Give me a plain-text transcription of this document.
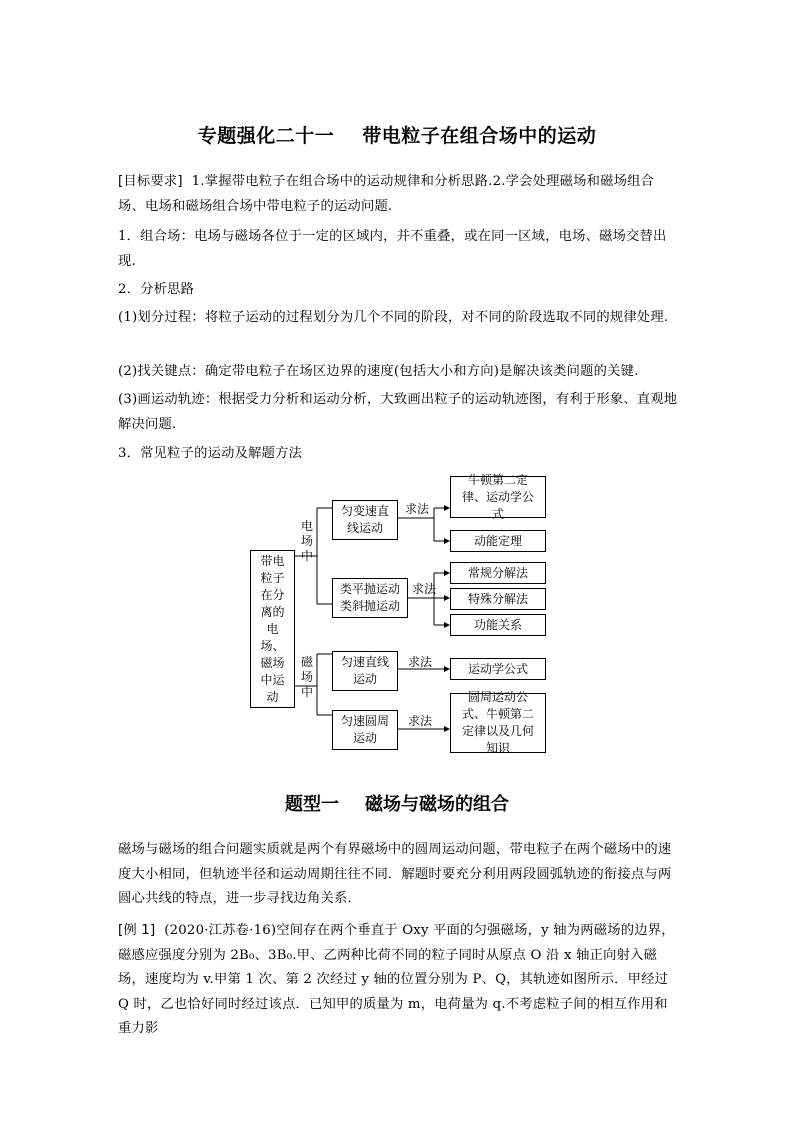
专题强化二十一 带电粒子在组合场中的运动
[目标要求] 1.掌握带电粒子在组合场中的运动规律和分析思路.2.学会处理磁场和磁场组合场、电场和磁场组合场中带电粒子的运动问题.
1．组合场：电场与磁场各位于一定的区域内，并不重叠，或在同一区域，电场、磁场交替出现.
2．分析思路
(1)划分过程：将粒子运动的过程划分为几个不同的阶段，对不同的阶段选取不同的规律处理.
(2)找关键点：确定带电粒子在场区边界的速度(包括大小和方向)是解决该类问题的关键.
(3)画运动轨迹：根据受力分析和运动分析，大致画出粒子的运动轨迹图，有利于形象、直观地解决问题.
3．常见粒子的运动及解题方法
带电粒子在分离的电场、磁场中运动
电场中
磁场中
匀变速直线运动
类平抛运动类斜抛运动
匀速直线运动
匀速圆周运动
求法
求法
求法
求法
牛顿第二定律、运动学公式
动能定理
常规分解法
特殊分解法
功能关系
运动学公式
圆周运动公式、牛顿第二定律以及几何知识
题型一 磁场与磁场的组合
磁场与磁场的组合问题实质就是两个有界磁场中的圆周运动问题，带电粒子在两个磁场中的速度大小相同，但轨迹半径和运动周期往往不同．解题时要充分利用两段圆弧轨迹的衔接点与两圆心共线的特点，进一步寻找边角关系．
[例 1] (2020·江苏卷·16)空间存在两个垂直于 Oxy 平面的匀强磁场，y 轴为两磁场的边界，磁感应强度分别为 2B₀、3B₀.甲、乙两种比荷不同的粒子同时从原点 O 沿 x 轴正向射入磁场，速度均为 v.甲第 1 次、第 2 次经过 y 轴的位置分别为 P、Q，其轨迹如图所示．甲经过 Q 时，乙也恰好同时经过该点．已知甲的质量为 m，电荷量为 q.不考虑粒子间的相互作用和重力影
